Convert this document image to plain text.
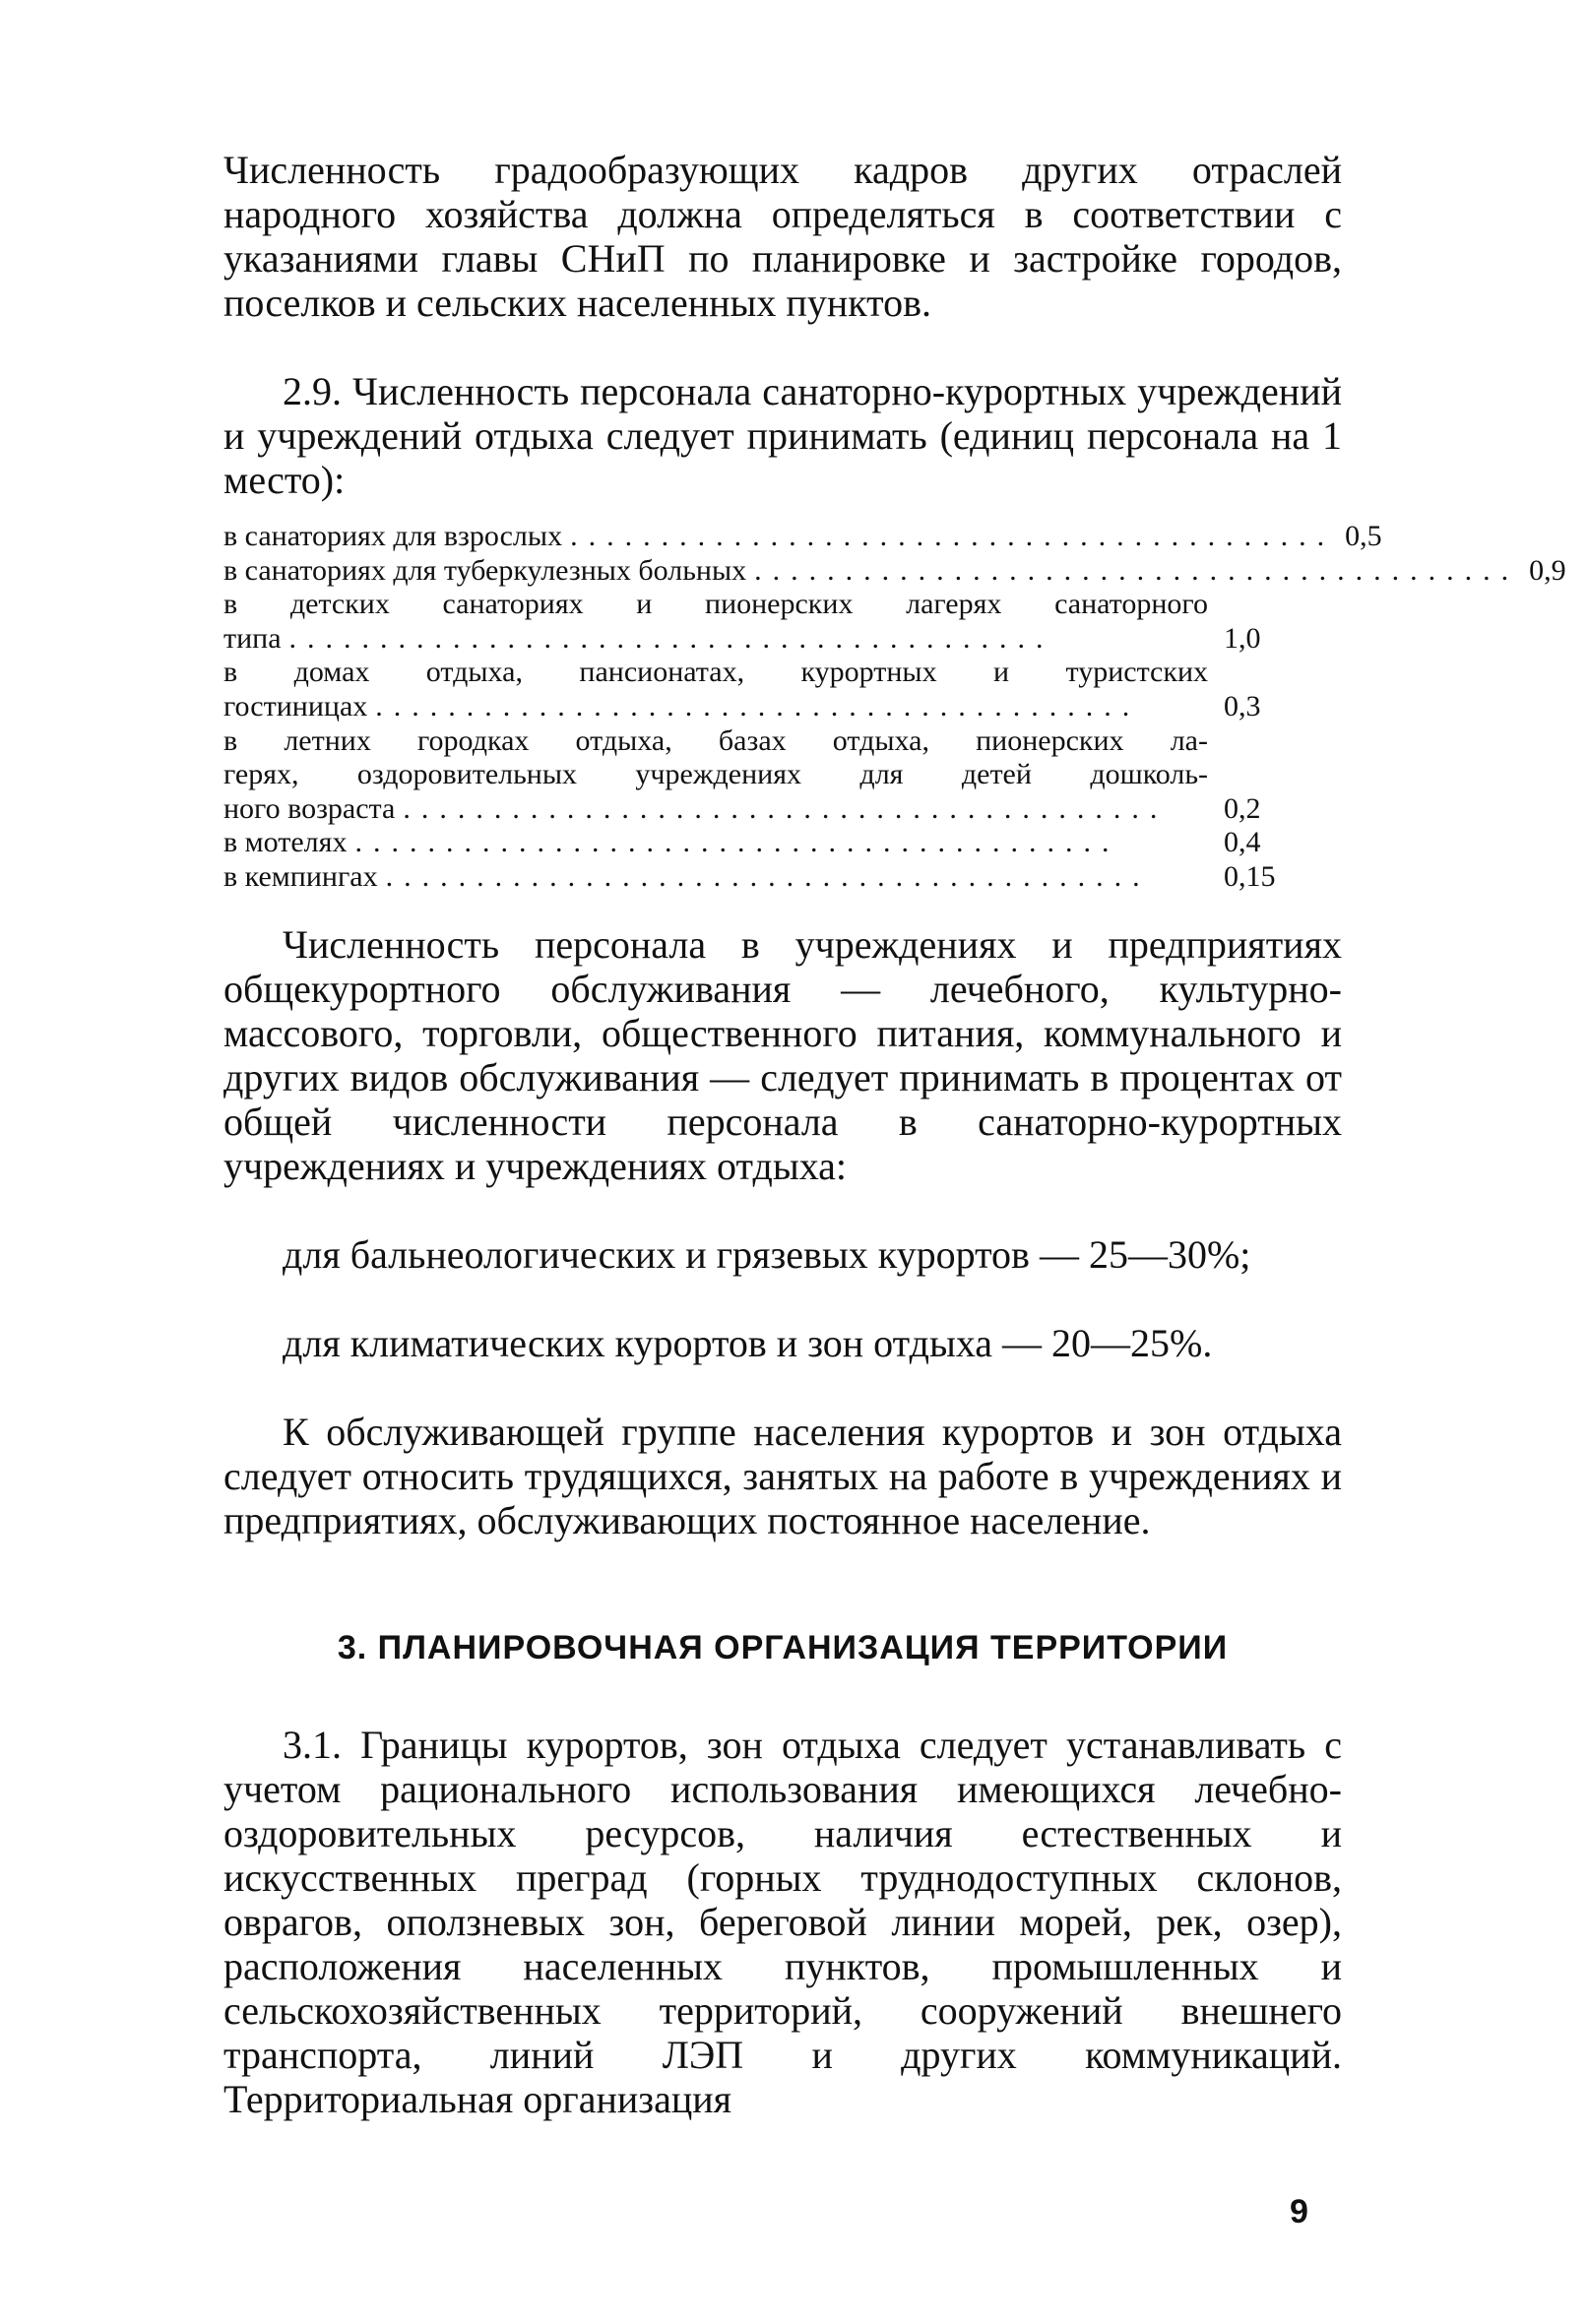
Численность градообразующих кадров других отраслей народного хозяйства должна определяться в соответствии с указаниями главы СНиП по планировке и застройке городов, поселков и сельских населенных пунктов.

2.9. Численность персонала санаторно-курортных учреждений и учреждений отдыха следует принимать (единиц персонала на 1 место):

в санаториях для взрослых .......................................... 0,5
в санаториях для туберкулезных больных .......................................... 0,9
в детских санаториях и пионерских лагерях санаторного
типа ..........................................	1,0
в домах отдыха, пансионатах, курортных и туристских
гостиницах ..........................................	0,3
в летних городках отдыха, базах отдыха, пионерских ла-
герях, оздоровительных учреждениях для детей дошколь-
ного возраста ..........................................	0,2
в мотелях ..........................................	0,4
в кемпингах ..........................................	0,15

Численность персонала в учреждениях и предприятиях общекурортного обслуживания — лечебного, культурно-массового, торговли, общественного питания, коммунального и других видов обслуживания — следует принимать в процентах от общей численности персонала в санаторно-курортных учреждениях и учреждениях отдыха:

для бальнеологических и грязевых курортов — 25—30%;

для климатических курортов и зон отдыха — 20—25%.

К обслуживающей группе населения курортов и зон отдыха следует относить трудящихся, занятых на работе в учреждениях и предприятиях, обслуживающих постоянное население.

3. ПЛАНИРОВОЧНАЯ ОРГАНИЗАЦИЯ ТЕРРИТОРИИ

3.1. Границы курортов, зон отдыха следует устанавливать с учетом рационального использования имеющихся лечебно-оздоровительных ресурсов, наличия естественных и искусственных преград (горных труднодоступных склонов, оврагов, оползневых зон, береговой линии морей, рек, озер), расположения населенных пунктов, промышленных и сельскохозяйственных территорий, сооружений внешнего транспорта, линий ЛЭП и других коммуникаций. Территориальная организация

9
